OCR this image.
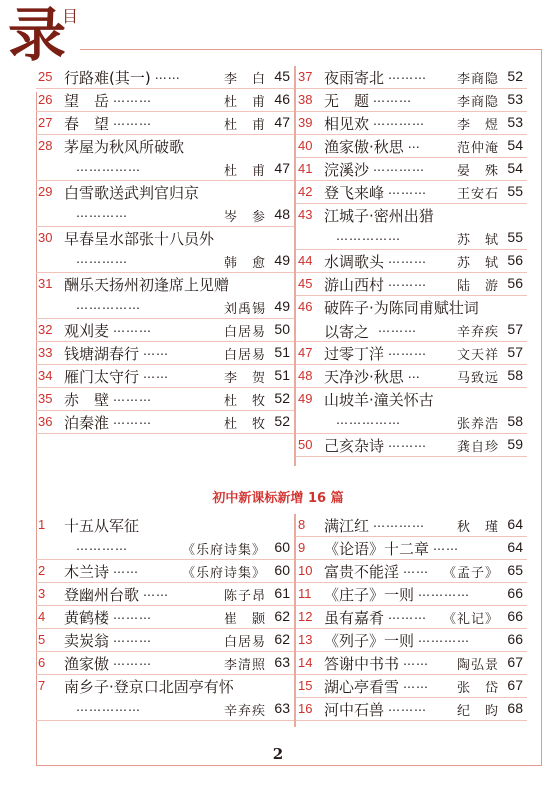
录
目
25 行路难(其一) ……	李　白 45
26 望　岳 ………	杜　甫 46
27 春　望 ………	杜　甫 47
28 茅屋为秋风所破歌
……………	杜　甫 47
29 白雪歌送武判官归京
…………	岑　参 48
30 早春呈水部张十八员外
…………	韩　愈 49
31 酬乐天扬州初逢席上见赠
……………	刘禹锡 49
32 观刈麦 ………	白居易 50
33 钱塘湖春行 ……	白居易 51
34 雁门太守行 ……	李　贺 51
35 赤　壁 ………	杜　牧 52
36 泊秦淮 ………	杜　牧 52
37 夜雨寄北 ……… 李商隐 52
38 无　题 ………	李商隐 53
39 相见欢 ………… 李　煜 53
40 渔家傲·秋思 …	范仲淹 54
41 浣溪沙 ………… 晏　殊 54
42 登飞来峰 ……… 王安石 55
43 江城子·密州出猎
……………	苏　轼 55
44 水调歌头 ……… 苏　轼 56
45 游山西村 ……… 陆　游 56
46 破阵子·为陈同甫赋壮词
以寄之 ………	辛弃疾 57
47 过零丁洋 ……… 文天祥 57
48 天净沙·秋思 …	马致远 58
49 山坡羊·潼关怀古
……………	张养浩 58
50 己亥杂诗 ……… 龚自珍 59
初中新课标新增 16 篇
1	十五从军征
…………	《乐府诗集》 60
2	木兰诗 ……	《乐府诗集》 60
3	登幽州台歌 ……	陈子昂 61
4	黄鹤楼 ………	崔　颢 62
5	卖炭翁 ………	白居易 62
6	渔家傲 ………	李清照 63
7	南乡子·登京口北固亭有怀
……………	辛弃疾 63
8	满江红 ………… 秋　瑾 64
9	《论语》十二章 ……	64
10 富贵不能淫 …… 《孟子》 65
11 《庄子》一则 …………	66
12 虽有嘉肴 ……… 《礼记》 66
13 《列子》一则 …………	66
14 答谢中书书 …… 陶弘景 67
15 湖心亭看雪 …… 张　岱 67
16 河中石兽 ……… 纪　昀 68
2
